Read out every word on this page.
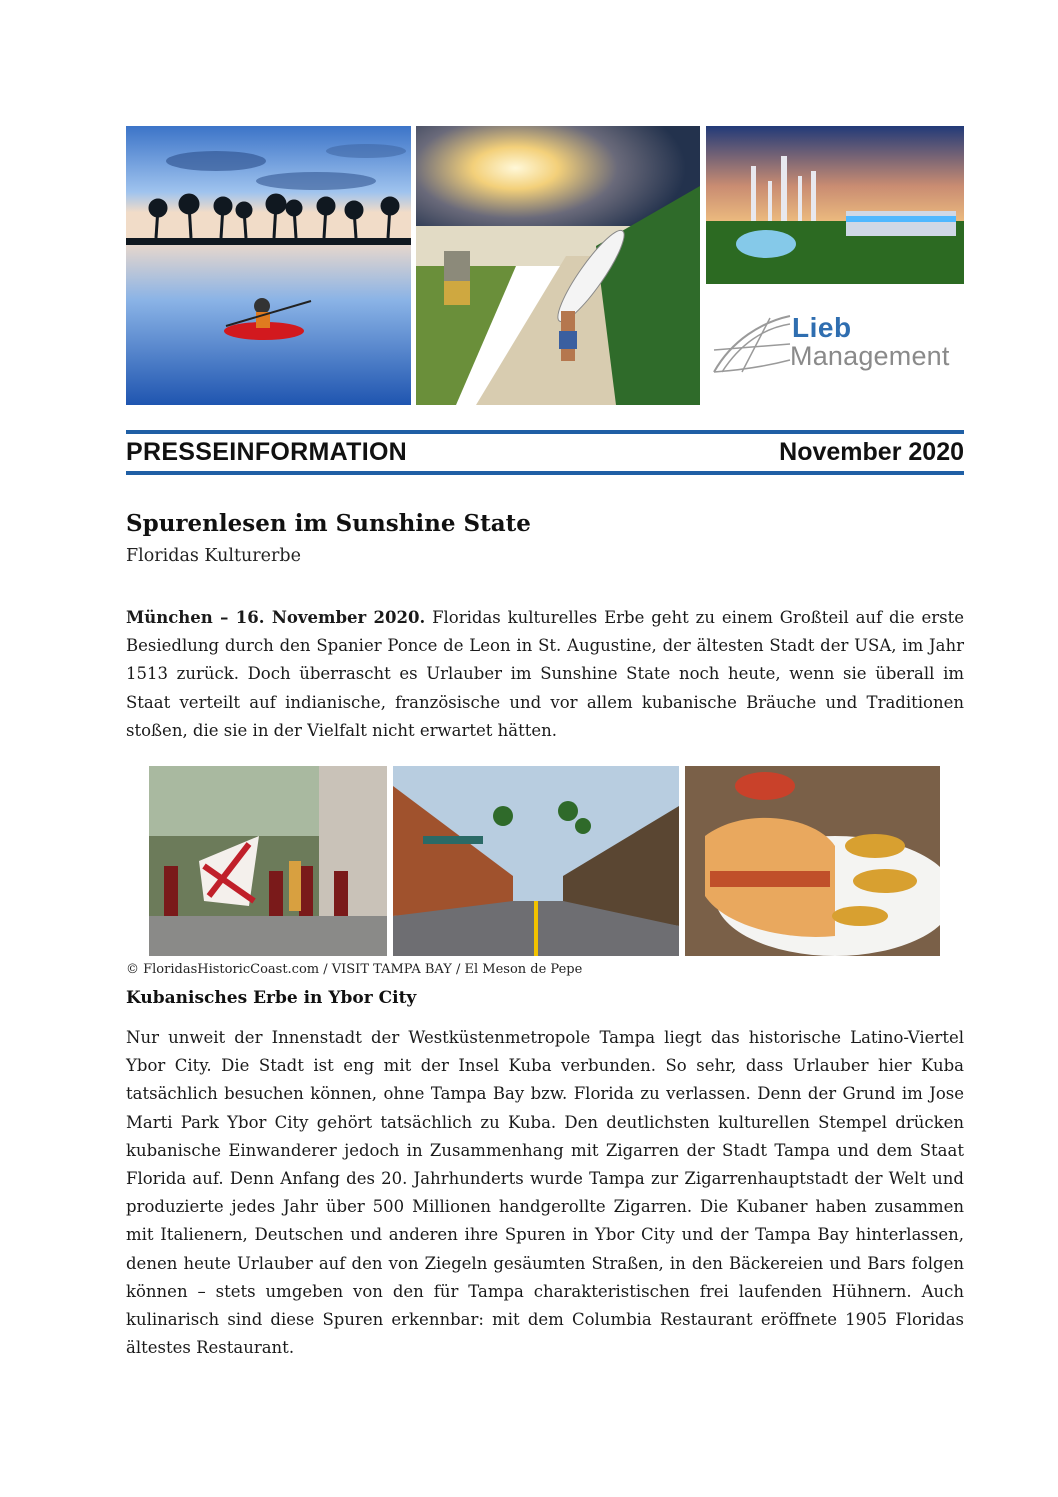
Lieb
Management
PRESSEINFORMATION	November 2020
Spurenlesen im Sunshine State
Floridas Kulturerbe
München – 16. November 2020. Floridas kulturelles Erbe geht zu einem Großteil auf die erste Besiedlung durch den Spanier Ponce de Leon in St. Augustine, der ältesten Stadt der USA, im Jahr 1513 zurück. Doch überrascht es Urlauber im Sunshine State noch heute, wenn sie überall im Staat verteilt auf indianische, französische und vor allem kubanische Bräuche und Traditionen stoßen, die sie in der Vielfalt nicht erwartet hätten.
© FloridasHistoricCoast.com / VISIT TAMPA BAY / El Meson de Pepe
Kubanisches Erbe in Ybor City
Nur unweit der Innenstadt der Westküstenmetropole Tampa liegt das historische Latino-Viertel Ybor City. Die Stadt ist eng mit der Insel Kuba verbunden. So sehr, dass Urlauber hier Kuba tatsächlich besuchen können, ohne Tampa Bay bzw. Florida zu verlassen. Denn der Grund im Jose Marti Park Ybor City gehört tatsächlich zu Kuba. Den deutlichsten kulturellen Stempel drücken kubanische Einwanderer jedoch in Zusammenhang mit Zigarren der Stadt Tampa und dem Staat Florida auf. Denn Anfang des 20. Jahrhunderts wurde Tampa zur Zigarrenhauptstadt der Welt und produzierte jedes Jahr über 500 Millionen handgerollte Zigarren. Die Kubaner haben zusammen mit Italienern, Deutschen und anderen ihre Spuren in Ybor City und der Tampa Bay hinterlassen, denen heute Urlauber auf den von Ziegeln gesäumten Straßen, in den Bäckereien und Bars folgen können – stets umgeben von den für Tampa charakteristischen frei laufenden Hühnern. Auch kulinarisch sind diese Spuren erkennbar: mit dem Columbia Restaurant eröffnete 1905 Floridas ältestes Restaurant.
